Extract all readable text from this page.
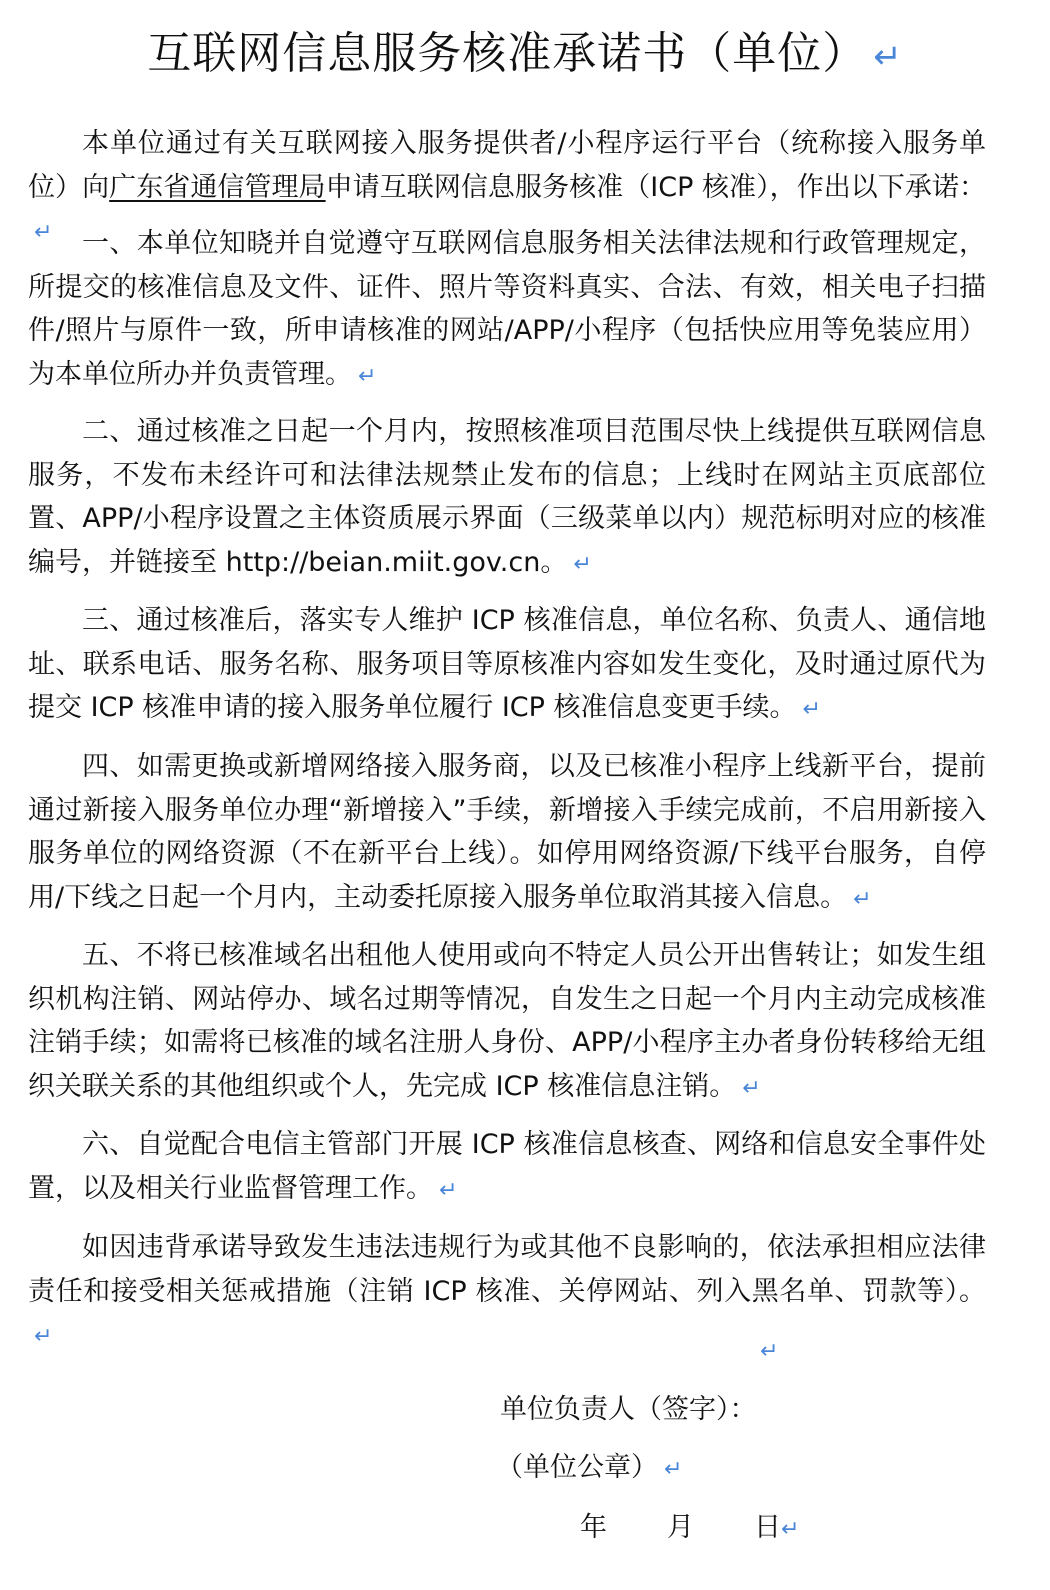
互联网信息服务核准承诺书（单位） ↵
本单位通过有关互联网接入服务提供者/小程序运行平台（统称接入服务单位）向广东省通信管理局申请互联网信息服务核准（ICP 核准），作出以下承诺：↵	一、本单位知晓并自觉遵守互联网信息服务相关法律法规和行政管理规定，所提交的核准信息及文件、证件、照片等资料真实、合法、有效，相关电子扫描件/照片与原件一致，所申请核准的网站/APP/小程序（包括快应用等免装应用）为本单位所办并负责管理。 ↵
二、通过核准之日起一个月内，按照核准项目范围尽快上线提供互联网信息服务，不发布未经许可和法律法规禁止发布的信息；上线时在网站主页底部位置、APP/小程序设置之主体资质展示界面（三级菜单以内）规范标明对应的核准编号，并链接至 http://beian.miit.gov.cn。 ↵
三、通过核准后，落实专人维护 ICP 核准信息，单位名称、负责人、通信地址、联系电话、服务名称、服务项目等原核准内容如发生变化，及时通过原代为提交 ICP 核准申请的接入服务单位履行 ICP 核准信息变更手续。 ↵
四、如需更换或新增网络接入服务商，以及已核准小程序上线新平台，提前通过新接入服务单位办理“新增接入”手续，新增接入手续完成前，不启用新接入服务单位的网络资源（不在新平台上线）。如停用网络资源/下线平台服务，自停用/下线之日起一个月内，主动委托原接入服务单位取消其接入信息。 ↵
五、不将已核准域名出租他人使用或向不特定人员公开出售转让；如发生组织机构注销、网站停办、域名过期等情况，自发生之日起一个月内主动完成核准注销手续；如需将已核准的域名注册人身份、APP/小程序主办者身份转移给无组织关联关系的其他组织或个人，先完成 ICP 核准信息注销。 ↵
六、自觉配合电信主管部门开展 ICP 核准信息核查、网络和信息安全事件处置，以及相关行业监督管理工作。 ↵
如因违背承诺导致发生违法违规行为或其他不良影响的，依法承担相应法律责任和接受相关惩戒措施（注销 ICP 核准、关停网站、列入黑名单、罚款等）。↵
↵
单位负责人（签字）：
（单位公章） ↵
年 月 日↵
